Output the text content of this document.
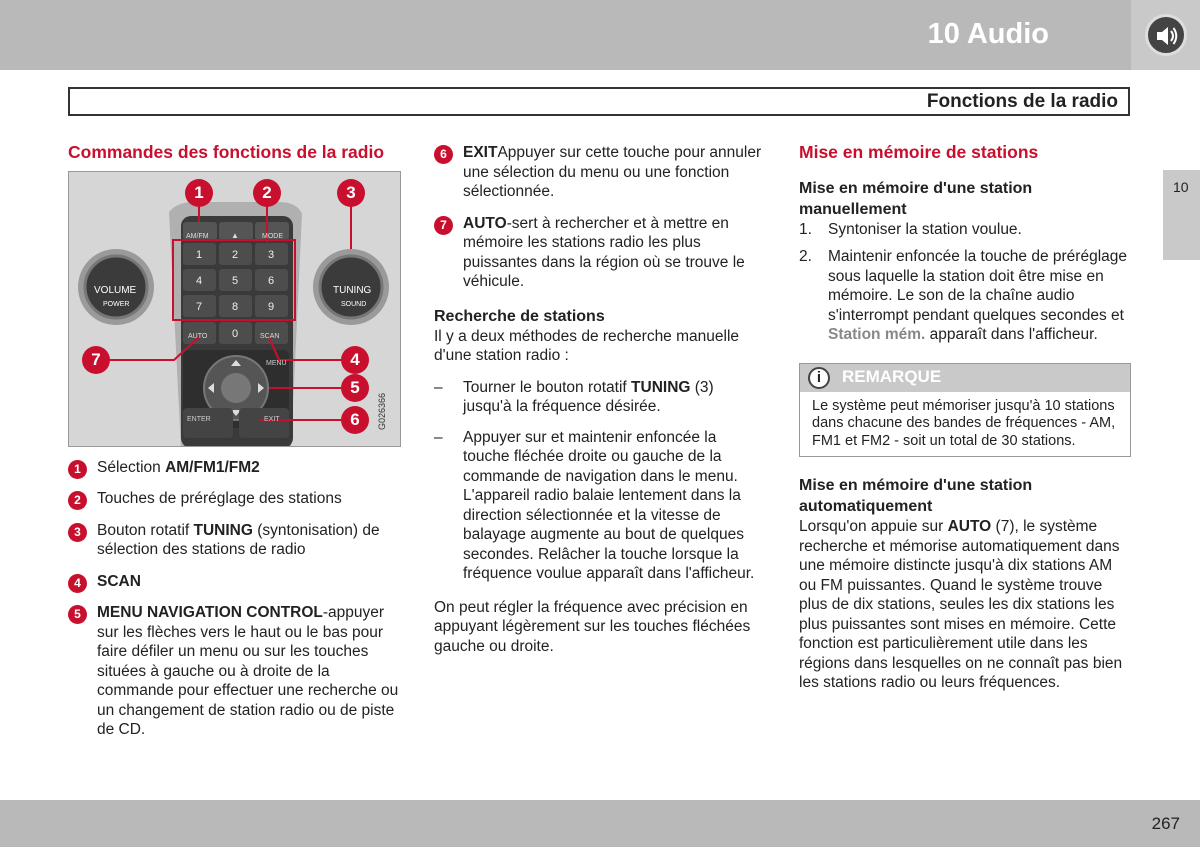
10 Audio
Fonctions de la radio
10
Commandes des fonctions de la radio
G026366
VOLUME
POWER
TUNING
SOUND
AM/FM	▲	MODE
1	2	3
4	5	6
7	8	9
AUTO 0	SCAN
MENU
ENTER	EXIT
1	2	3
7	4
5
6
1	Sélection AM/FM1/FM2
2	Touches de préréglage des stations
3	Bouton rotatif TUNING (syntonisation) de sélection des stations de radio
4	SCAN
5	MENU NAVIGATION CONTROL-appuyer sur les flèches vers le haut ou le bas pour faire défiler un menu ou sur les touches situées à gauche ou à droite de la commande pour effectuer une recherche ou un changement de station radio ou de piste de CD.
6	EXITAppuyer sur cette touche pour annuler une sélection du menu ou une fonction sélectionnée.
7	AUTO-sert à rechercher et à mettre en mémoire les stations radio les plus puissantes dans la région où se trouve le véhicule.
Recherche de stations
Il y a deux méthodes de recherche manuelle d'une station radio :
– Tourner le bouton rotatif TUNING (3) jusqu'à la fréquence désirée.
– Appuyer sur et maintenir enfoncée la touche fléchée droite ou gauche de la commande de navigation dans le menu. L'appareil radio balaie lentement dans la direction sélectionnée et la vitesse de balayage augmente au bout de quelques secondes. Relâcher la touche lorsque la fréquence voulue apparaît dans l'afficheur.
On peut régler la fréquence avec précision en appuyant légèrement sur les touches fléchées gauche ou droite.
Mise en mémoire de stations
Mise en mémoire d'une station manuellement
1. Syntoniser la station voulue.
2. Maintenir enfoncée la touche de préréglage sous laquelle la station doit être mise en mémoire. Le son de la chaîne audio s'interrompt pendant quelques secondes et Station mém. apparaît dans l'afficheur.
i	REMARQUE
Le système peut mémoriser jusqu'à 10 stations dans chacune des bandes de fréquences - AM, FM1 et FM2 - soit un total de 30 stations.
Mise en mémoire d'une station automatiquement
Lorsqu'on appuie sur AUTO (7), le système recherche et mémorise automatiquement dans une mémoire distincte jusqu'à dix stations AM ou FM puissantes. Quand le système trouve plus de dix stations, seules les dix stations les plus puissantes sont mises en mémoire. Cette fonction est particulièrement utile dans les régions dans lesquelles on ne connaît pas bien les stations radio ou leurs fréquences.
267
